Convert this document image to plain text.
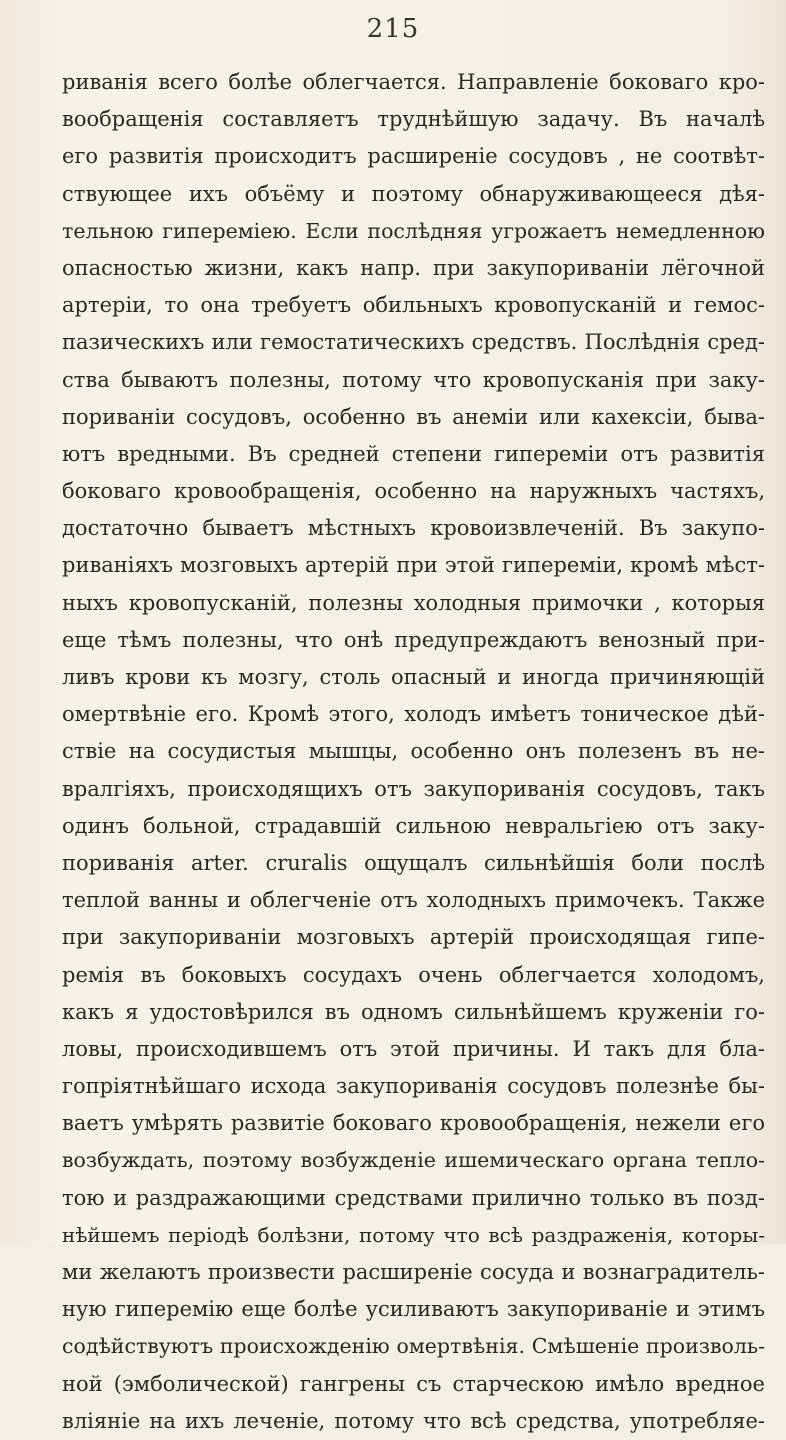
215
риванія всего болѣе облегчается. Направленіе боковаго кро-
вообращенія составляетъ труднѣйшую задачу. Въ началѣ
его развитія происходитъ расширеніе сосудовъ , не соотвѣт-
ствующее ихъ объёму и поэтому обнаруживающееся дѣя-
тельною гипереміею. Если послѣдняя угрожаетъ немедленною
опасностью жизни, какъ напр. при закупориваніи лёгочной
артеріи, то она требуетъ обильныхъ кровопусканій и гемос-
пазическихъ или гемостатическихъ средствъ. Послѣднія сред-
ства бываютъ полезны, потому что кровопусканія при заку-
пориваніи сосудовъ, особенно въ анеміи или кахексіи, быва-
ютъ вредными. Въ средней степени гипереміи отъ развитія
боковаго кровообращенія, особенно на наружныхъ частяхъ,
достаточно бываетъ мѣстныхъ кровоизвлеченій. Въ закупо-
риваніяхъ мозговыхъ артерій при этой гипереміи, кромѣ мѣст-
ныхъ кровопусканій, полезны холодныя примочки , которыя
еще тѣмъ полезны, что онѣ предупреждаютъ венозный при-
ливъ крови къ мозгу, столь опасный и иногда причиняющій
омертвѣніе его. Кромѣ этого, холодъ имѣетъ тоническое дѣй-
ствіе на сосудистыя мышцы, особенно онъ полезенъ въ не-
вралгіяхъ, происходящихъ отъ закупориванія сосудовъ, такъ
одинъ больной, страдавшій сильною невральгіею отъ заку-
пориванія arter. cruralis ощущалъ сильнѣйшія боли послѣ
теплой ванны и облегченіе отъ холодныхъ примочекъ. Также
при закупориваніи мозговыхъ артерій происходящая гипе-
ремія въ боковыхъ сосудахъ очень облегчается холодомъ,
какъ я удостовѣрился въ одномъ сильнѣйшемъ круженіи го-
ловы, происходившемъ отъ этой причины. И такъ для бла-
гопріятнѣйшаго исхода закупориванія сосудовъ полезнѣе бы-
ваетъ умѣрять развитіе боковаго кровообращенія, нежели его
возбуждать, поэтому возбужденіе ишемическаго органа тепло-
тою и раздражающими средствами прилично только въ позд-
нѣйшемъ періодѣ болѣзни, потому что всѣ раздраженія, которы-
ми желаютъ произвести расширеніе сосуда и вознаградитель-
ную гиперемію еще болѣе усиливаютъ закупориваніе и этимъ
содѣйствуютъ происхожденію омертвѣнія. Смѣшеніе произволь-
ной (эмболической) гангрены съ старческою имѣло вредное
вліяніе на ихъ леченіе, потому что всѣ средства, употребляе-
